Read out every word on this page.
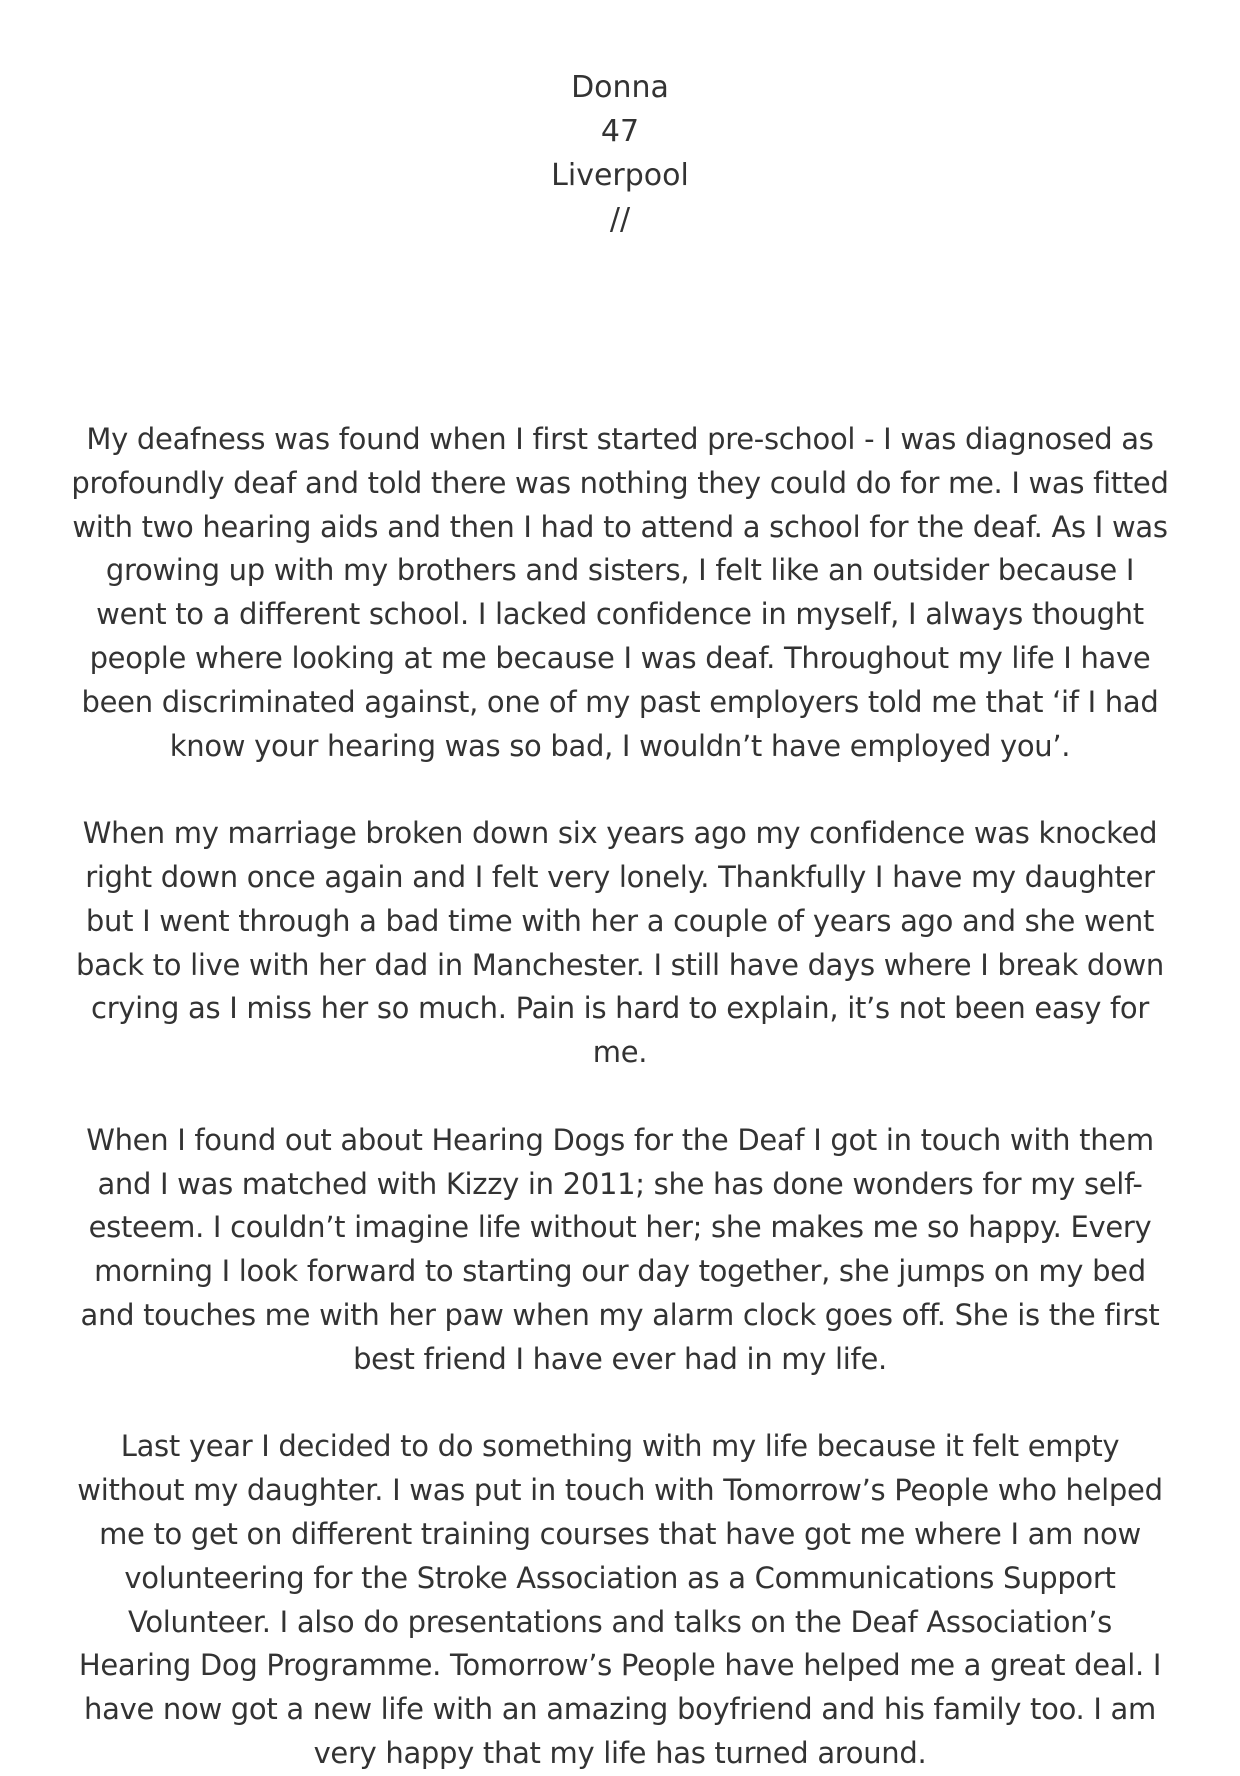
Donna
47
Liverpool
//

My deafness was found when I first started pre-school - I was diagnosed as profoundly deaf and told there was nothing they could do for me. I was fitted with two hearing aids and then I had to attend a school for the deaf. As I was growing up with my brothers and sisters, I felt like an outsider because I went to a different school. I lacked confidence in myself, I always thought people where looking at me because I was deaf. Throughout my life I have been discriminated against, one of my past employers told me that ‘if I had know your hearing was so bad, I wouldn’t have employed you’.

When my marriage broken down six years ago my confidence was knocked right down once again and I felt very lonely. Thankfully I have my daughter but I went through a bad time with her a couple of years ago and she went back to live with her dad in Manchester. I still have days where I break down crying as I miss her so much. Pain is hard to explain, it’s not been easy for me.

When I found out about Hearing Dogs for the Deaf I got in touch with them and I was matched with Kizzy in 2011; she has done wonders for my self-esteem. I couldn’t imagine life without her; she makes me so happy. Every morning I look forward to starting our day together, she jumps on my bed and touches me with her paw when my alarm clock goes off. She is the first best friend I have ever had in my life.

Last year I decided to do something with my life because it felt empty without my daughter. I was put in touch with Tomorrow’s People who helped me to get on different training courses that have got me where I am now volunteering for the Stroke Association as a Communications Support Volunteer. I also do presentations and talks on the Deaf Association’s Hearing Dog Programme. Tomorrow’s People have helped me a great deal. I have now got a new life with an amazing boyfriend and his family too. I am very happy that my life has turned around.
